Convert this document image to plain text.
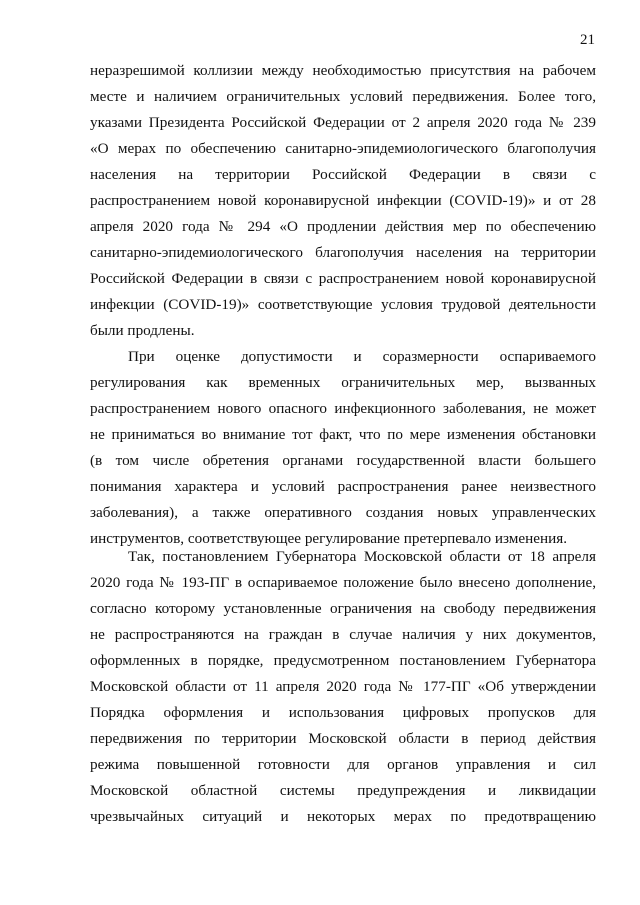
21
неразрешимой коллизии между необходимостью присутствия на рабочем
месте и наличием ограничительных условий передвижения. Более того,
указами Президента Российской Федерации от 2 апреля 2020 года № 239
«О мерах по обеспечению санитарно-эпидемиологического благополучия
населения на территории Российской Федерации в связи с
распространением новой коронавирусной инфекции (COVID-19)» и от 28
апреля 2020 года № 294 «О продлении действия мер по обеспечению
санитарно-эпидемиологического благополучия населения на территории
Российской Федерации в связи с распространением новой коронавирусной
инфекции (COVID-19)» соответствующие условия трудовой деятельности
были продлены.
При оценке допустимости и соразмерности оспариваемого
регулирования как временных ограничительных мер, вызванных
распространением нового опасного инфекционного заболевания, не может
не приниматься во внимание тот факт, что по мере изменения обстановки
(в том числе обретения органами государственной власти большего
понимания характера и условий распространения ранее неизвестного
заболевания), а также оперативного создания новых управленческих
инструментов, соответствующее регулирование претерпевало изменения.
Так, постановлением Губернатора Московской области от 18 апреля
2020 года № 193-ПГ в оспариваемое положение было внесено дополнение,
согласно которому установленные ограничения на свободу передвижения
не распространяются на граждан в случае наличия у них документов,
оформленных в порядке, предусмотренном постановлением Губернатора
Московской области от 11 апреля 2020 года № 177-ПГ «Об утверждении
Порядка оформления и использования цифровых пропусков для
передвижения по территории Московской области в период действия
режима повышенной готовности для органов управления и сил
Московской областной системы предупреждения и ликвидации
чрезвычайных ситуаций и некоторых мерах по предотвращению
